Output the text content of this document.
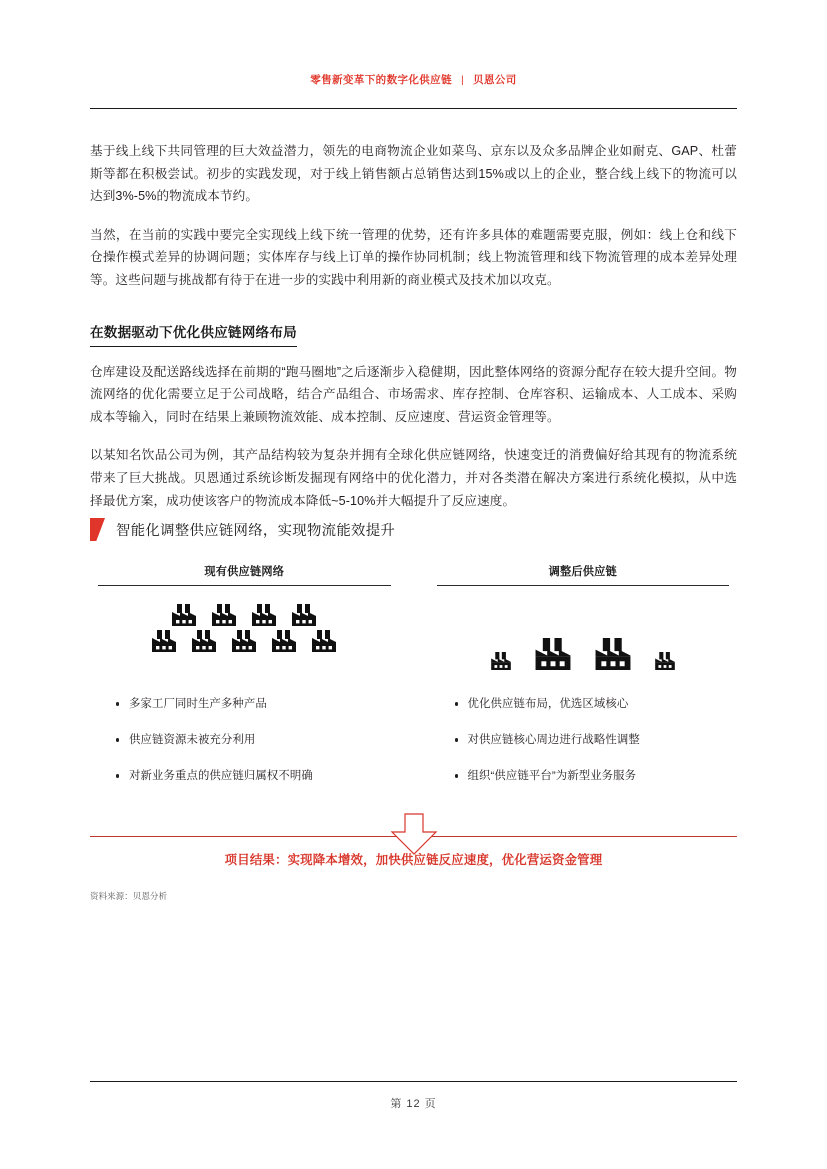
零售新变革下的数字化供应链 | 贝恩公司

基于线上线下共同管理的巨大效益潜力，领先的电商物流企业如菜鸟、京东以及众多品牌企业如耐克、GAP、杜蕾斯等都在积极尝试。初步的实践发现，对于线上销售额占总销售达到15%或以上的企业，整合线上线下的物流可以达到3%-5%的物流成本节约。

当然，在当前的实践中要完全实现线上线下统一管理的优势，还有许多具体的难题需要克服，例如：线上仓和线下仓操作模式差异的协调问题；实体库存与线上订单的操作协同机制；线上物流管理和线下物流管理的成本差异处理等。这些问题与挑战都有待于在进一步的实践中利用新的商业模式及技术加以攻克。

在数据驱动下优化供应链网络布局

仓库建设及配送路线选择在前期的“跑马圈地”之后逐渐步入稳健期，因此整体网络的资源分配存在较大提升空间。物流网络的优化需要立足于公司战略，结合产品组合、市场需求、库存控制、仓库容积、运输成本、人工成本、采购成本等输入，同时在结果上兼顾物流效能、成本控制、反应速度、营运资金管理等。

以某知名饮品公司为例，其产品结构较为复杂并拥有全球化供应链网络，快速变迁的消费偏好给其现有的物流系统带来了巨大挑战。贝恩通过系统诊断发掘现有网络中的优化潜力，并对各类潜在解决方案进行系统化模拟，从中选择最优方案，成功使该客户的物流成本降低~5-10%并大幅提升了反应速度。

智能化调整供应链网络，实现物流能效提升
现有供应链网络
多家工厂同时生产多种产品
供应链资源未被充分利用
对新业务重点的供应链归属权不明确
调整后供应链
优化供应链布局，优选区域核心
对供应链核心周边进行战略性调整
组织“供应链平台”为新型业务服务
项目结果：实现降本增效，加快供应链反应速度，优化营运资金管理
资料来源：贝恩分析
第 12 页
